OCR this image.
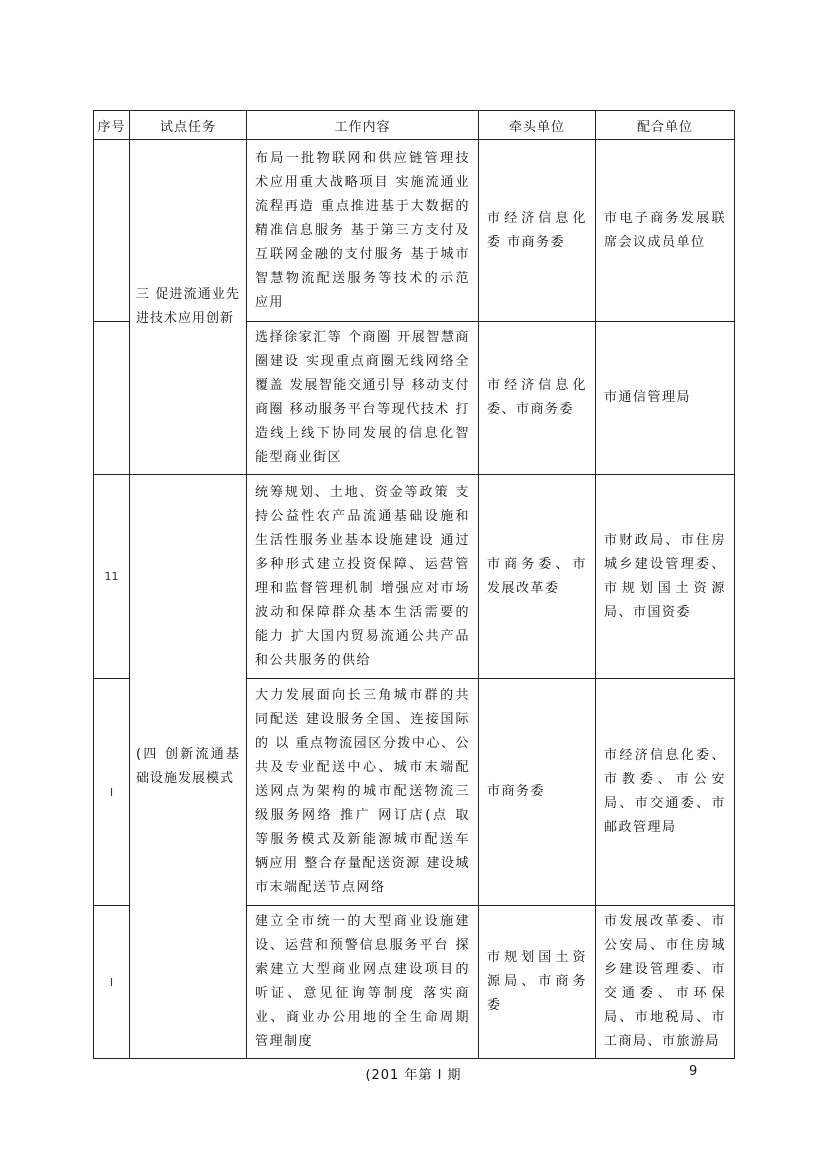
序号	试点任务	工作内容	牵头单位	配合单位

	三 促进流通业先进技术应用创新	布局一批物联网和供应链管理技术应用重大战略项目 实施流通业流程再造 重点推进基于大数据的精准信息服务 基于第三方支付及互联网金融的支付服务 基于城市智慧物流配送服务等技术的示范应用	市经济信息化委 市商务委	市电子商务发展联席会议成员单位

		选择徐家汇等 个商圈 开展智慧商圈建设 实现重点商圈无线网络全覆盖 发展智能交通引导 移动支付 商圈 移动服务平台等现代技术 打造线上线下协同发展的信息化智能型商业街区	市经济信息化委、市商务委	市通信管理局

11	(四 创新流通基础设施发展模式	统筹规划、土地、资金等政策 支持公益性农产品流通基础设施和生活性服务业基本设施建设 通过多种形式建立投资保障、运营管理和监督管理机制 增强应对市场波动和保障群众基本生活需要的能力 扩大国内贸易流通公共产品和公共服务的供给	市商务委、市发展改革委	市财政局、市住房城乡建设管理委、市规划国土资源局、市国资委

I		大力发展面向长三角城市群的共同配送 建设服务全国、连接国际的 以 重点物流园区分拨中心、公共及专业配送中心、城市末端配送网点为架构的城市配送物流三级服务网络 推广 网订店(点 取 等服务模式及新能源城市配送车辆应用 整合存量配送资源 建设城市末端配送节点网络	市商务委	市经济信息化委、市教委、市公安局、市交通委、市邮政管理局

I		建立全市统一的大型商业设施建设、运营和预警信息服务平台 探索建立大型商业网点建设项目的听证、意见征询等制度 落实商业、商业办公用地的全生命周期管理制度	市规划国土资源局、市商务委	市发展改革委、市公安局、市住房城乡建设管理委、市交通委、市环保局、市地税局、市工商局、市旅游局
(201 年第 I 期	9
